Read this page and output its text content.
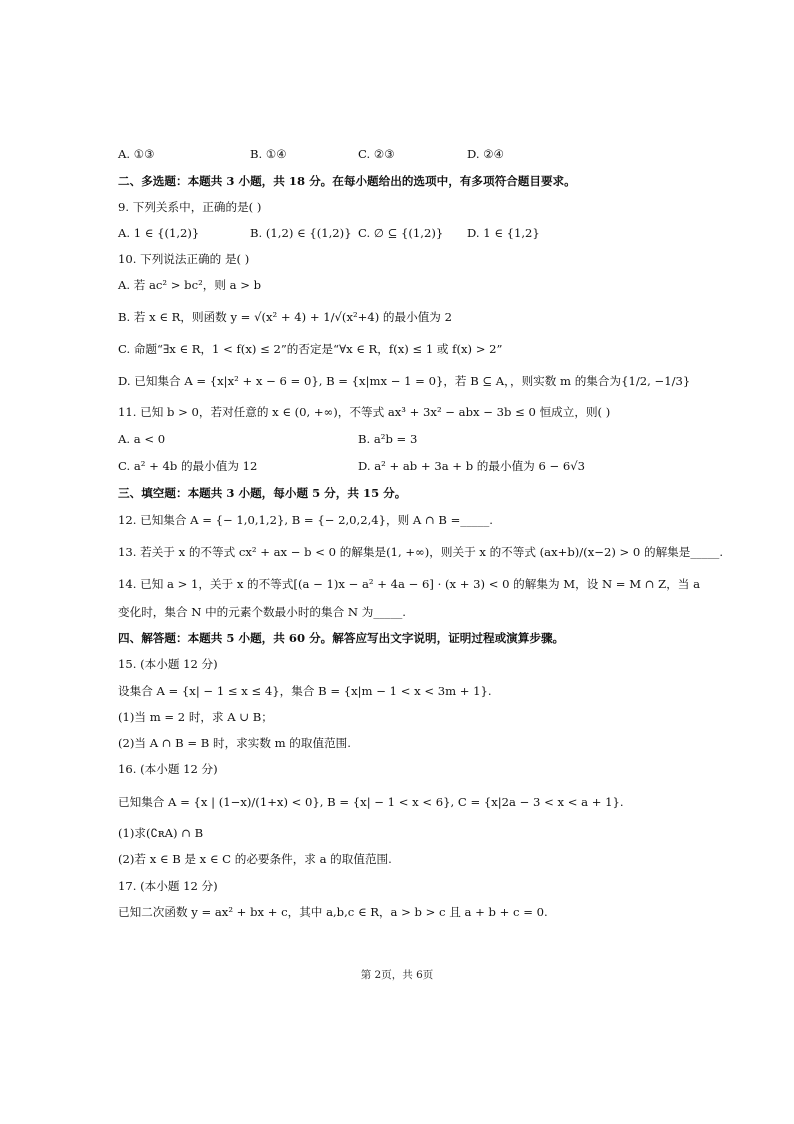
A. ①③	B. ①④	C. ②③	D. ②④
二、多选题：本题共 3 小题，共 18 分。在每小题给出的选项中，有多项符合题目要求。
9. 下列关系中，正确的是( )
A. 1 ∈ {(1,2)}	B. (1,2) ∈ {(1,2)} C. ∅ ⊆ {(1,2)} D. 1 ∈ {1,2}
10. 下列说法正确的 是( )
A. 若 ac² > bc²，则 a > b
B. 若 x ∈ R，则函数 y = √(x² + 4) + 1/√(x²+4) 的最小值为 2
C. 命题“∃x ∈ R，1 < f(x) ≤ 2”的否定是“∀x ∈ R，f(x) ≤ 1 或 f(x) > 2”
D. 已知集合 A = {x|x² + x − 6 = 0}, B = {x|mx − 1 = 0}，若 B ⊆ A，，则实数 m 的集合为{1/2, −1/3}
11. 已知 b > 0，若对任意的 x ∈ (0, +∞)，不等式 ax³ + 3x² − abx − 3b ≤ 0 恒成立，则( )
A. a < 0	B. a²b = 3
C. a² + 4b 的最小值为 12	D. a² + ab + 3a + b 的最小值为 6 − 6√3
三、填空题：本题共 3 小题，每小题 5 分，共 15 分。
12. 已知集合 A = {− 1,0,1,2}, B = {− 2,0,2,4}，则 A ∩ B =_____.
13. 若关于 x 的不等式 cx² + ax − b < 0 的解集是(1, +∞)，则关于 x 的不等式 (ax+b)/(x−2) > 0 的解集是_____.
14. 已知 a > 1，关于 x 的不等式[(a − 1)x − a² + 4a − 6] · (x + 3) < 0 的解集为 M，设 N = M ∩ Z，当 a
变化时，集合 N 中的元素个数最小时的集合 N 为_____.
四、解答题：本题共 5 小题，共 60 分。解答应写出文字说明，证明过程或演算步骤。
15. (本小题 12 分)
设集合 A = {x| − 1 ≤ x ≤ 4}，集合 B = {x|m − 1 < x < 3m + 1}.
(1)当 m = 2 时，求 A ∪ B；
(2)当 A ∩ B = B 时，求实数 m 的取值范围.
16. (本小题 12 分)
已知集合 A = {x | (1−x)/(1+x) < 0}, B = {x| − 1 < x < 6}, C = {x|2a − 3 < x < a + 1}.
(1)求(∁ʀA) ∩ B
(2)若 x ∈ B 是 x ∈ C 的必要条件，求 a 的取值范围.
17. (本小题 12 分)
已知二次函数 y = ax² + bx + c，其中 a,b,c ∈ R，a > b > c 且 a + b + c = 0.
第 2页，共 6页
